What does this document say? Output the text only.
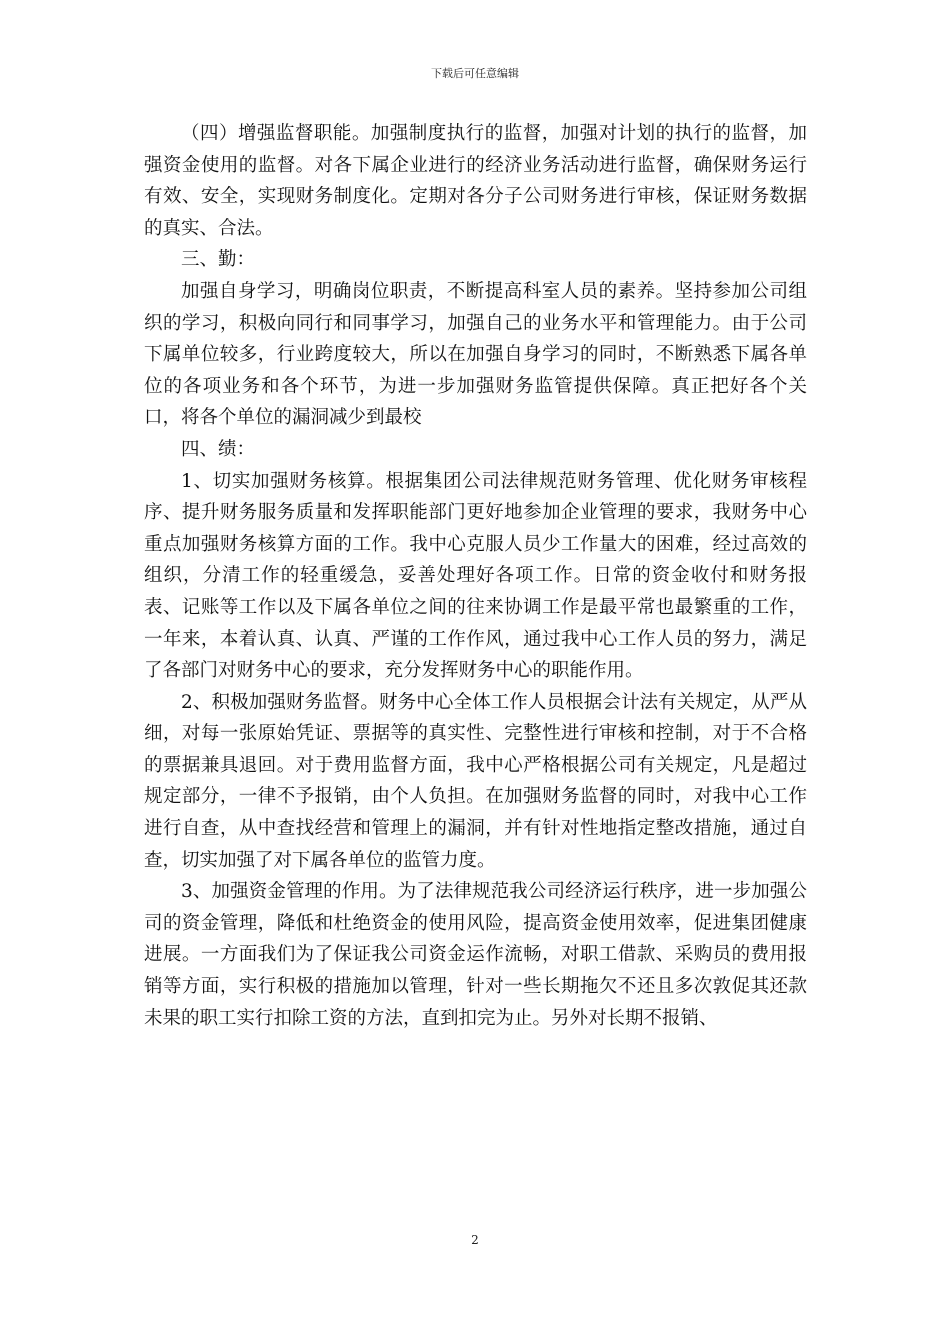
下载后可任意编辑

（四）增强监督职能。加强制度执行的监督，加强对计划的执行的监督，加强资金使用的监督。对各下属企业进行的经济业务活动进行监督，确保财务运行有效、安全，实现财务制度化。定期对各分子公司财务进行审核，保证财务数据的真实、合法。

三、勤：

加强自身学习，明确岗位职责，不断提高科室人员的素养。坚持参加公司组织的学习，积极向同行和同事学习，加强自己的业务水平和管理能力。由于公司下属单位较多，行业跨度较大，所以在加强自身学习的同时，不断熟悉下属各单位的各项业务和各个环节，为进一步加强财务监管提供保障。真正把好各个关口，将各个单位的漏洞减少到最校

四、绩：

1、切实加强财务核算。根据集团公司法律规范财务管理、优化财务审核程序、提升财务服务质量和发挥职能部门更好地参加企业管理的要求，我财务中心重点加强财务核算方面的工作。我中心克服人员少工作量大的困难，经过高效的组织，分清工作的轻重缓急，妥善处理好各项工作。日常的资金收付和财务报表、记账等工作以及下属各单位之间的往来协调工作是最平常也最繁重的工作，一年来，本着认真、认真、严谨的工作作风，通过我中心工作人员的努力，满足了各部门对财务中心的要求，充分发挥财务中心的职能作用。

2、积极加强财务监督。财务中心全体工作人员根据会计法有关规定，从严从细，对每一张原始凭证、票据等的真实性、完整性进行审核和控制，对于不合格的票据兼具退回。对于费用监督方面，我中心严格根据公司有关规定，凡是超过规定部分，一律不予报销，由个人负担。在加强财务监督的同时，对我中心工作进行自查，从中查找经营和管理上的漏洞，并有针对性地指定整改措施，通过自查，切实加强了对下属各单位的监管力度。

3、加强资金管理的作用。为了法律规范我公司经济运行秩序，进一步加强公司的资金管理，降低和杜绝资金的使用风险，提高资金使用效率，促进集团健康进展。一方面我们为了保证我公司资金运作流畅，对职工借款、采购员的费用报销等方面，实行积极的措施加以管理，针对一些长期拖欠不还且多次敦促其还款未果的职工实行扣除工资的方法，直到扣完为止。另外对长期不报销、

2
